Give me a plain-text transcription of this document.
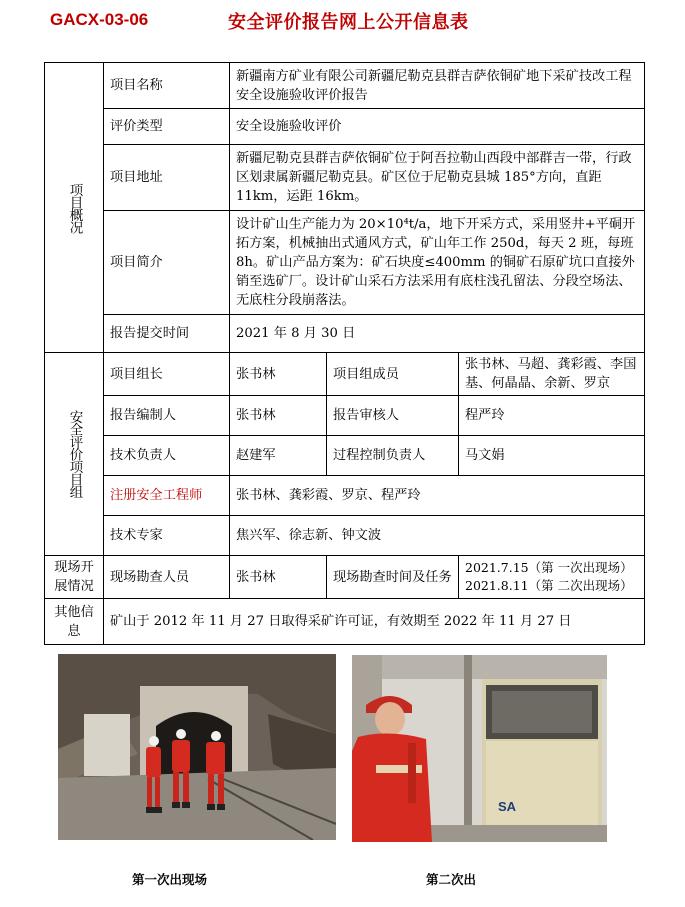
GACX-03-06	安全评价报告网上公开信息表
项目概况	项目名称	新疆南方矿业有限公司新疆尼勒克县群吉萨依铜矿地下采矿技改工程安全设施验收评价报告		
	评价类型	安全设施验收评价		
	项目地址	新疆尼勒克县群吉萨依铜矿位于阿吾拉勒山西段中部群吉一带，行政区划隶属新疆尼勒克县。矿区位于尼勒克县城 185°方向，直距 11km，运距 16km。		
	项目简介	设计矿山生产能力为 20×10⁴t/a，地下开采方式，采用竖井+平硐开拓方案，机械抽出式通风方式，矿山年工作 250d，每天 2 班，每班 8h。矿山产品方案为：矿石块度≤400mm 的铜矿石原矿坑口直接外销至选矿厂。设计矿山采石方法采用有底柱浅孔留法、分段空场法、无底柱分段崩落法。		
	报告提交时间	2021 年 8 月 30 日		

安全评价项目组	项目组长	张书林	项目组成员	张书林、马超、龚彩霞、李国基、何晶晶、余新、罗京
	报告编制人	张书林	报告审核人	程严玲
	技术负责人	赵建军	过程控制负责人	马文娟
	注册安全工程师	张书林、龚彩霞、罗京、程严玲		
	技术专家	焦兴军、徐志新、钟文波		
现场开展情况	现场勘查人员	张书林	现场勘查时间及任务	2021.7.15（第 一次出现场）
2021.8.11（第 二次出现场）

其他信息	矿山于 2012 年 11 月 27 日取得采矿许可证，有效期至 2022 年 11 月 27 日			
SA
第一次出现场	第二次出
